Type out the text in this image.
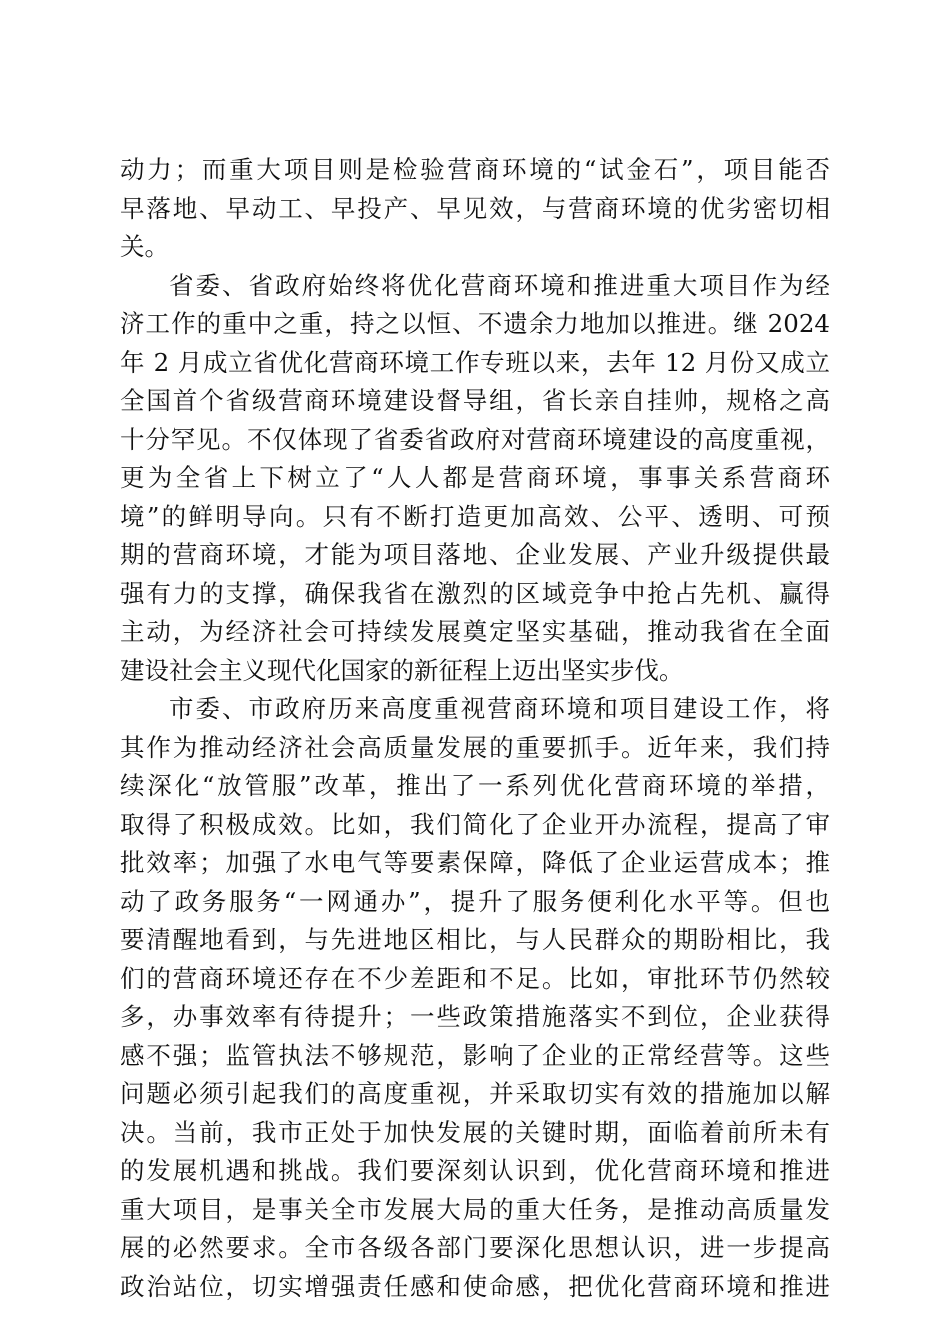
动力；而重大项目则是检验营商环境的“试金石”，项目能否
早落地、早动工、早投产、早见效，与营商环境的优劣密切相
关。
省委、省政府始终将优化营商环境和推进重大项目作为经
济工作的重中之重，持之以恒、不遗余力地加以推进。继 2024
年 2 月成立省优化营商环境工作专班以来，去年 12 月份又成立
全国首个省级营商环境建设督导组，省长亲自挂帅，规格之高
十分罕见。不仅体现了省委省政府对营商环境建设的高度重视，
更为全省上下树立了“人人都是营商环境，事事关系营商环
境”的鲜明导向。只有不断打造更加高效、公平、透明、可预
期的营商环境，才能为项目落地、企业发展、产业升级提供最
强有力的支撑，确保我省在激烈的区域竞争中抢占先机、赢得
主动，为经济社会可持续发展奠定坚实基础，推动我省在全面
建设社会主义现代化国家的新征程上迈出坚实步伐。
市委、市政府历来高度重视营商环境和项目建设工作，将
其作为推动经济社会高质量发展的重要抓手。近年来，我们持
续深化“放管服”改革，推出了一系列优化营商环境的举措，
取得了积极成效。比如，我们简化了企业开办流程，提高了审
批效率；加强了水电气等要素保障，降低了企业运营成本；推
动了政务服务“一网通办”，提升了服务便利化水平等。但也
要清醒地看到，与先进地区相比，与人民群众的期盼相比，我
们的营商环境还存在不少差距和不足。比如，审批环节仍然较
多，办事效率有待提升；一些政策措施落实不到位，企业获得
感不强；监管执法不够规范，影响了企业的正常经营等。这些
问题必须引起我们的高度重视，并采取切实有效的措施加以解
决。当前，我市正处于加快发展的关键时期，面临着前所未有
的发展机遇和挑战。我们要深刻认识到，优化营商环境和推进
重大项目，是事关全市发展大局的重大任务，是推动高质量发
展的必然要求。全市各级各部门要深化思想认识，进一步提高
政治站位，切实增强责任感和使命感，把优化营商环境和推进
